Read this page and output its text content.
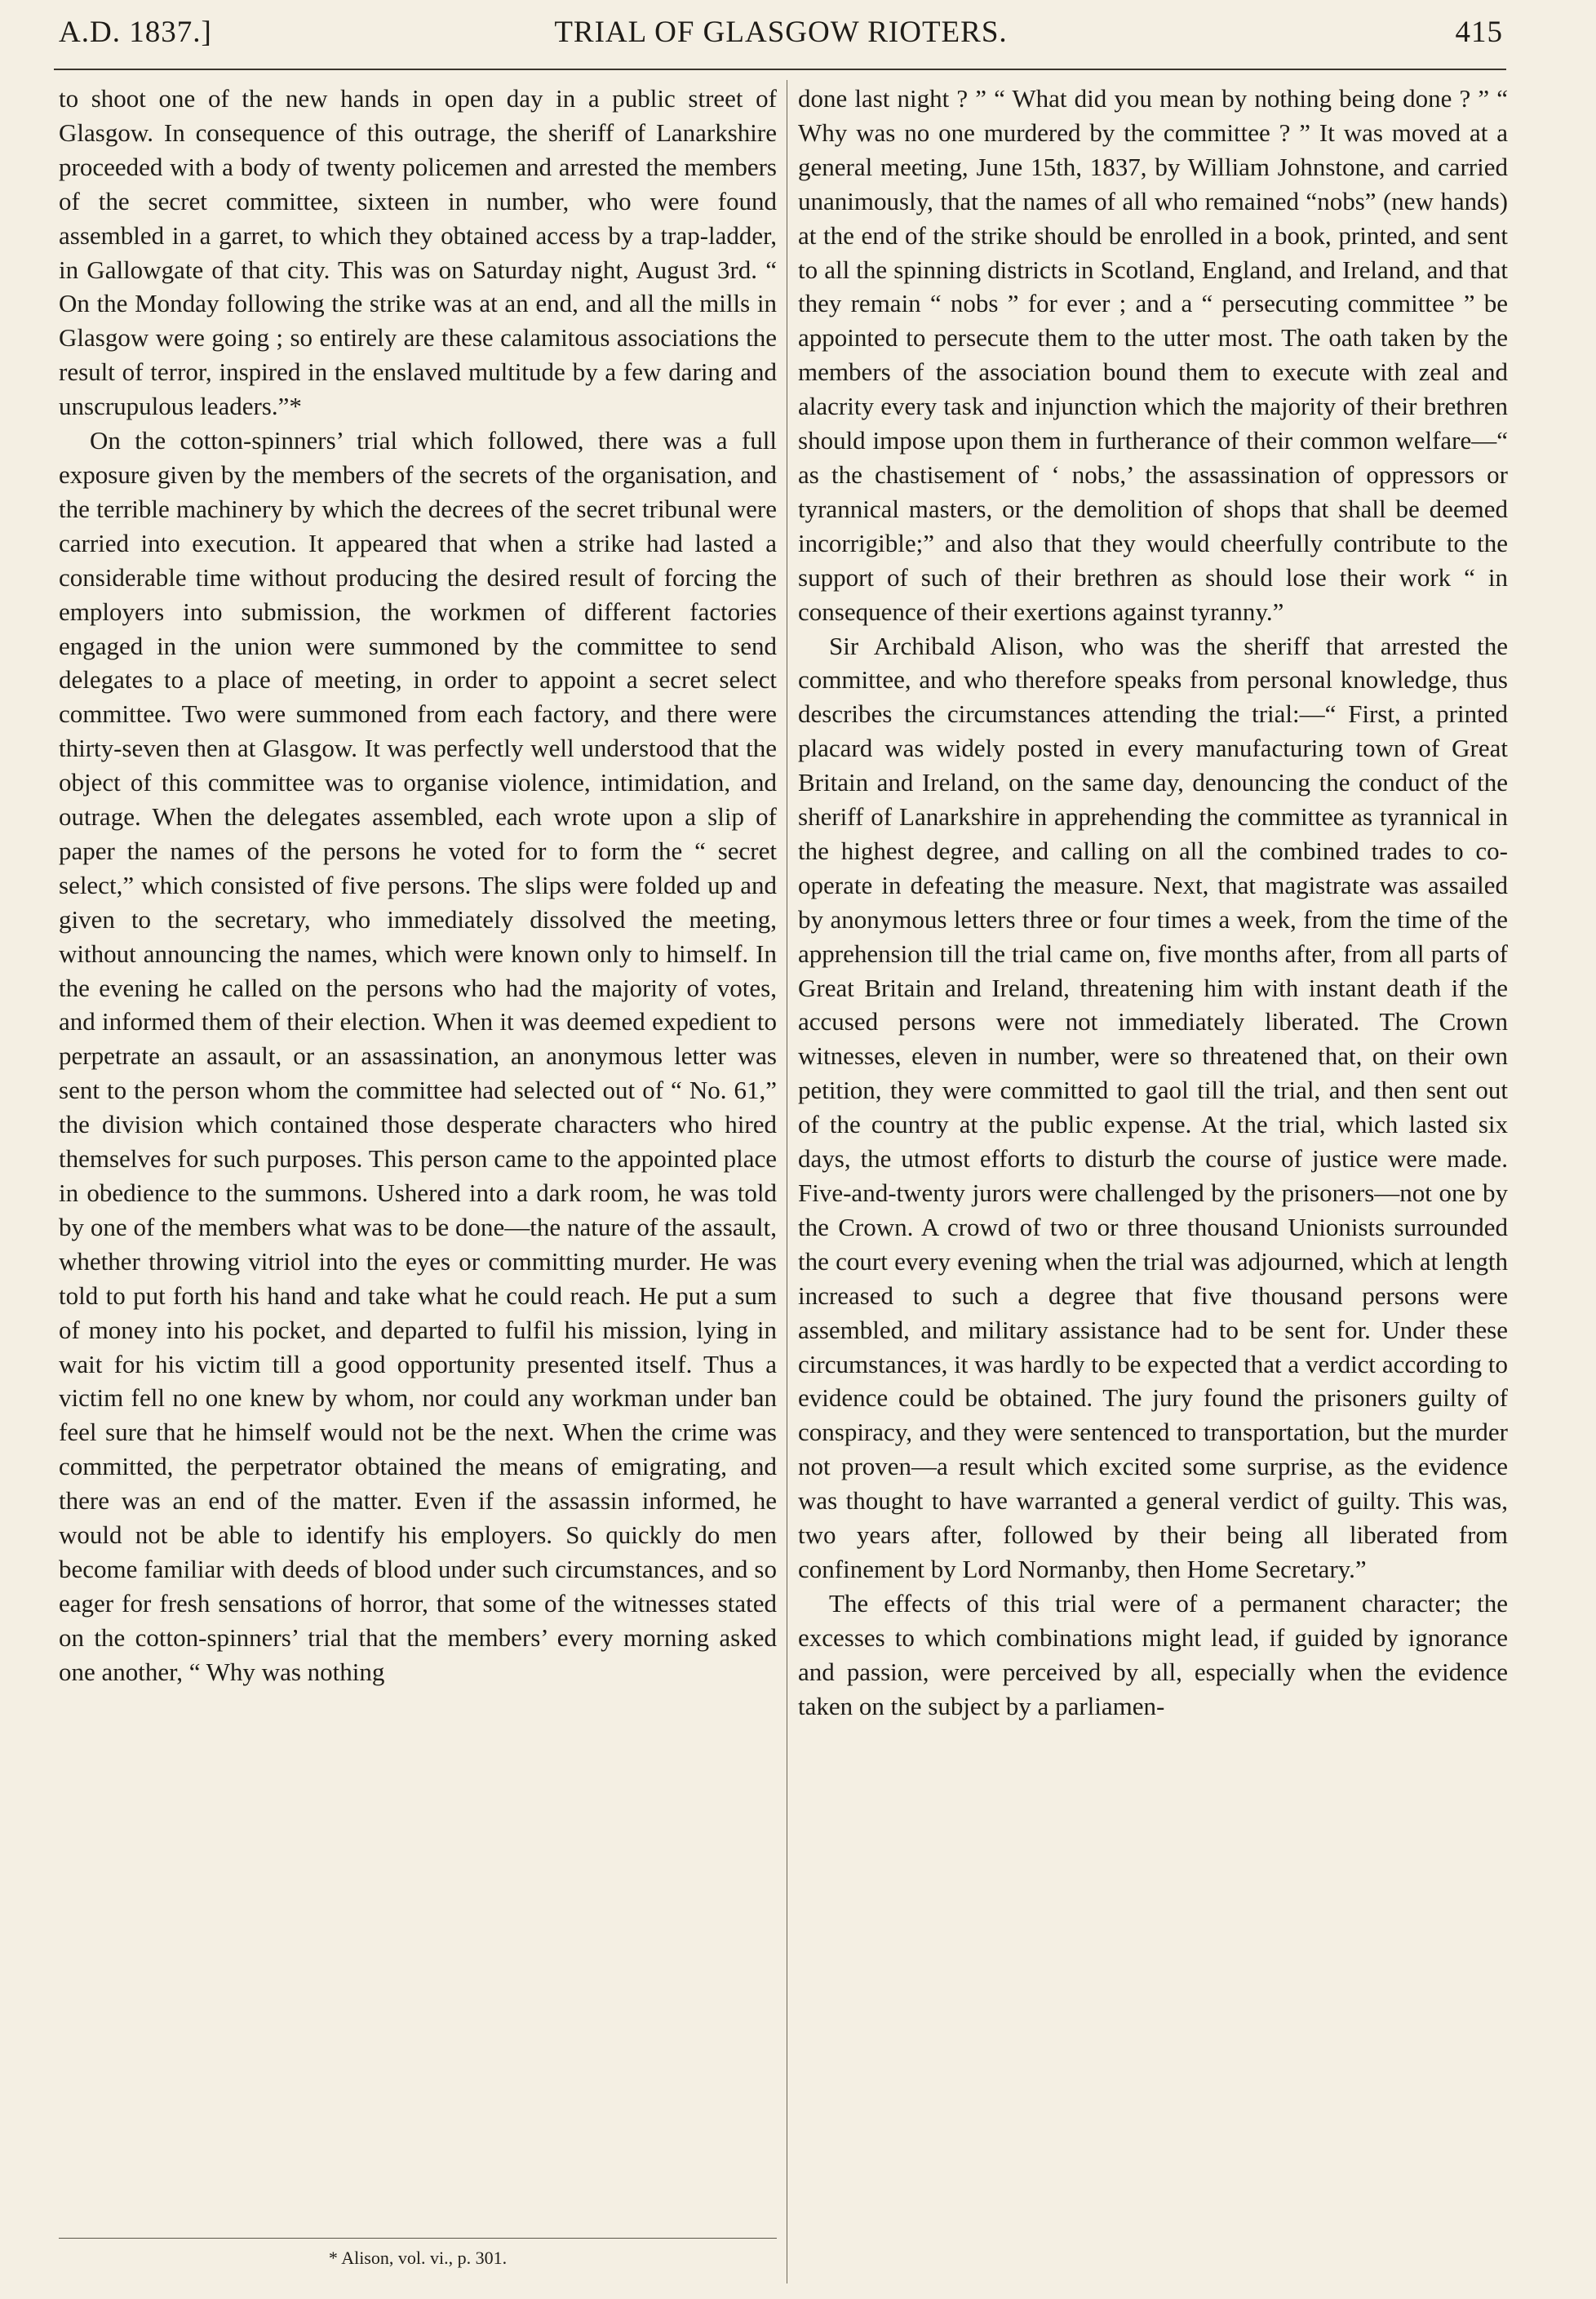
A.D. 1837.]	TRIAL OF GLASGOW RIOTERS.	415

to shoot one of the new hands in open day in a public street of Glasgow. In consequence of this outrage, the sheriff of Lanarkshire proceeded with a body of twenty policemen and arrested the members of the secret committee, sixteen in number, who were found assembled in a garret, to which they obtained access by a trap-ladder, in Gallowgate of that city. This was on Saturday night, August 3rd. “ On the Monday following the strike was at an end, and all the mills in Glasgow were going ; so entirely are these calamitous associations the result of terror, inspired in the enslaved multitude by a few daring and unscrupulous leaders.”*

On the cotton-spinners’ trial which followed, there was a full exposure given by the members of the secrets of the organisation, and the terrible machinery by which the decrees of the secret tribunal were carried into execution. It appeared that when a strike had lasted a considerable time without producing the desired result of forcing the employers into submission, the workmen of different factories engaged in the union were summoned by the committee to send delegates to a place of meeting, in order to appoint a secret select committee. Two were summoned from each factory, and there were thirty-seven then at Glasgow. It was perfectly well understood that the object of this committee was to organise violence, intimidation, and outrage. When the delegates assembled, each wrote upon a slip of paper the names of the persons he voted for to form the “ secret select,” which consisted of five persons. The slips were folded up and given to the secretary, who immediately dissolved the meeting, without announcing the names, which were known only to himself. In the evening he called on the persons who had the majority of votes, and informed them of their election. When it was deemed expedient to perpetrate an assault, or an assassination, an anonymous letter was sent to the person whom the committee had selected out of “ No. 61,” the division which contained those desperate characters who hired themselves for such purposes. This person came to the appointed place in obedience to the summons. Ushered into a dark room, he was told by one of the members what was to be done—the nature of the assault, whether throwing vitriol into the eyes or committing murder. He was told to put forth his hand and take what he could reach. He put a sum of money into his pocket, and departed to fulfil his mission, lying in wait for his victim till a good opportunity presented itself. Thus a victim fell no one knew by whom, nor could any workman under ban feel sure that he himself would not be the next. When the crime was committed, the perpetrator obtained the means of emigrating, and there was an end of the matter. Even if the assassin informed, he would not be able to identify his employers. So quickly do men become familiar with deeds of blood under such circumstances, and so eager for fresh sensations of horror, that some of the witnesses stated on the cotton-spinners’ trial that the members’ every morning asked one another, “ Why was nothing

done last night ? ” “ What did you mean by nothing being done ? ” “ Why was no one murdered by the committee ? ” It was moved at a general meeting, June 15th, 1837, by William Johnstone, and carried unanimously, that the names of all who remained “nobs” (new hands) at the end of the strike should be enrolled in a book, printed, and sent to all the spinning districts in Scotland, England, and Ireland, and that they remain “ nobs ” for ever ; and a “ persecuting committee ” be appointed to persecute them to the utter most. The oath taken by the members of the association bound them to execute with zeal and alacrity every task and injunction which the majority of their brethren should impose upon them in furtherance of their common welfare—“ as the chastisement of ‘ nobs,’ the assassination of oppressors or tyrannical masters, or the demolition of shops that shall be deemed incorrigible;” and also that they would cheerfully contribute to the support of such of their brethren as should lose their work “ in consequence of their exertions against tyranny.”

Sir Archibald Alison, who was the sheriff that arrested the committee, and who therefore speaks from personal knowledge, thus describes the circumstances attending the trial:—“ First, a printed placard was widely posted in every manufacturing town of Great Britain and Ireland, on the same day, denouncing the conduct of the sheriff of Lanarkshire in apprehending the committee as tyrannical in the highest degree, and calling on all the combined trades to co-operate in defeating the measure. Next, that magistrate was assailed by anonymous letters three or four times a week, from the time of the apprehension till the trial came on, five months after, from all parts of Great Britain and Ireland, threatening him with instant death if the accused persons were not immediately liberated. The Crown witnesses, eleven in number, were so threatened that, on their own petition, they were committed to gaol till the trial, and then sent out of the country at the public expense. At the trial, which lasted six days, the utmost efforts to disturb the course of justice were made. Five-and-twenty jurors were challenged by the prisoners—not one by the Crown. A crowd of two or three thousand Unionists surrounded the court every evening when the trial was adjourned, which at length increased to such a degree that five thousand persons were assembled, and military assistance had to be sent for. Under these circumstances, it was hardly to be expected that a verdict according to evidence could be obtained. The jury found the prisoners guilty of conspiracy, and they were sentenced to transportation, but the murder not proven—a result which excited some surprise, as the evidence was thought to have warranted a general verdict of guilty. This was, two years after, followed by their being all liberated from confinement by Lord Normanby, then Home Secretary.”

The effects of this trial were of a permanent character; the excesses to which combinations might lead, if guided by ignorance and passion, were perceived by all, especially when the evidence taken on the subject by a parliamen-

* Alison, vol. vi., p. 301.
